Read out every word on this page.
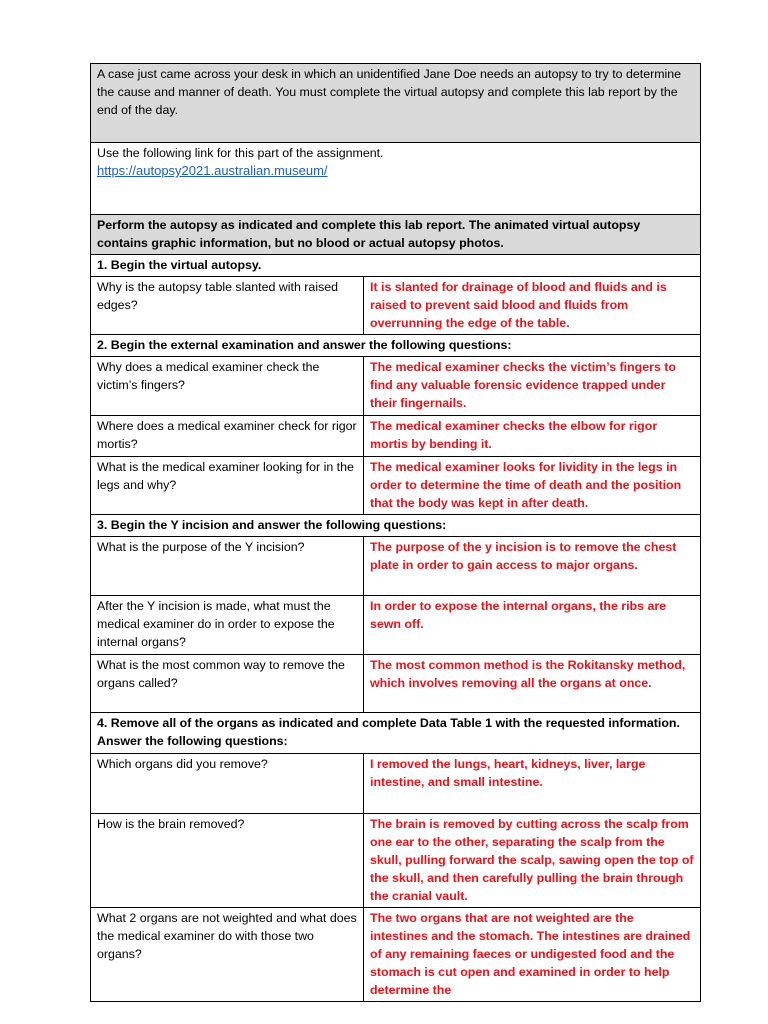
A case just came across your desk in which an unidentified Jane Doe needs an autopsy to try to determine the cause and manner of death. You must complete the virtual autopsy and complete this lab report by the end of the day.	

Use the following link for this part of the assignment.
https://autopsy2021.australian.museum/	
Perform the autopsy as indicated and complete this lab report. The animated virtual autopsy contains graphic information, but no blood or actual autopsy photos.	
1. Begin the virtual autopsy.	
Why is the autopsy table slanted with raised edges?	It is slanted for drainage of blood and fluids and is raised to prevent said blood and fluids from overrunning the edge of the table.
2. Begin the external examination and answer the following questions:	
Why does a medical examiner check the victim’s fingers?	The medical examiner checks the victim’s fingers to find any valuable forensic evidence trapped under their fingernails.
Where does a medical examiner check for rigor mortis?	The medical examiner checks the elbow for rigor mortis by bending it.
What is the medical examiner looking for in the legs and why?	The medical examiner looks for lividity in the legs in order to determine the time of death and the position that the body was kept in after death.
3. Begin the Y incision and answer the following questions:	
What is the purpose of the Y incision?	The purpose of the y incision is to remove the chest plate in order to gain access to major organs.
After the Y incision is made, what must the medical examiner do in order to expose the internal organs?	In order to expose the internal organs, the ribs are sewn off.
What is the most common way to remove the organs called?	The most common method is the Rokitansky method, which involves removing all the organs at once.
4. Remove all of the organs as indicated and complete Data Table 1 with the requested information. Answer the following questions:	
Which organs did you remove?	I removed the lungs, heart, kidneys, liver, large intestine, and small intestine.
How is the brain removed?	The brain is removed by cutting across the scalp from one ear to the other, separating the scalp from the skull, pulling forward the scalp, sawing open the top of the skull, and then carefully pulling the brain through the cranial vault.
What 2 organs are not weighted and what does the medical examiner do with those two organs?	The two organs that are not weighted are the intestines and the stomach. The intestines are drained of any remaining faeces or undigested food and the stomach is cut open and examined in order to help determine the
